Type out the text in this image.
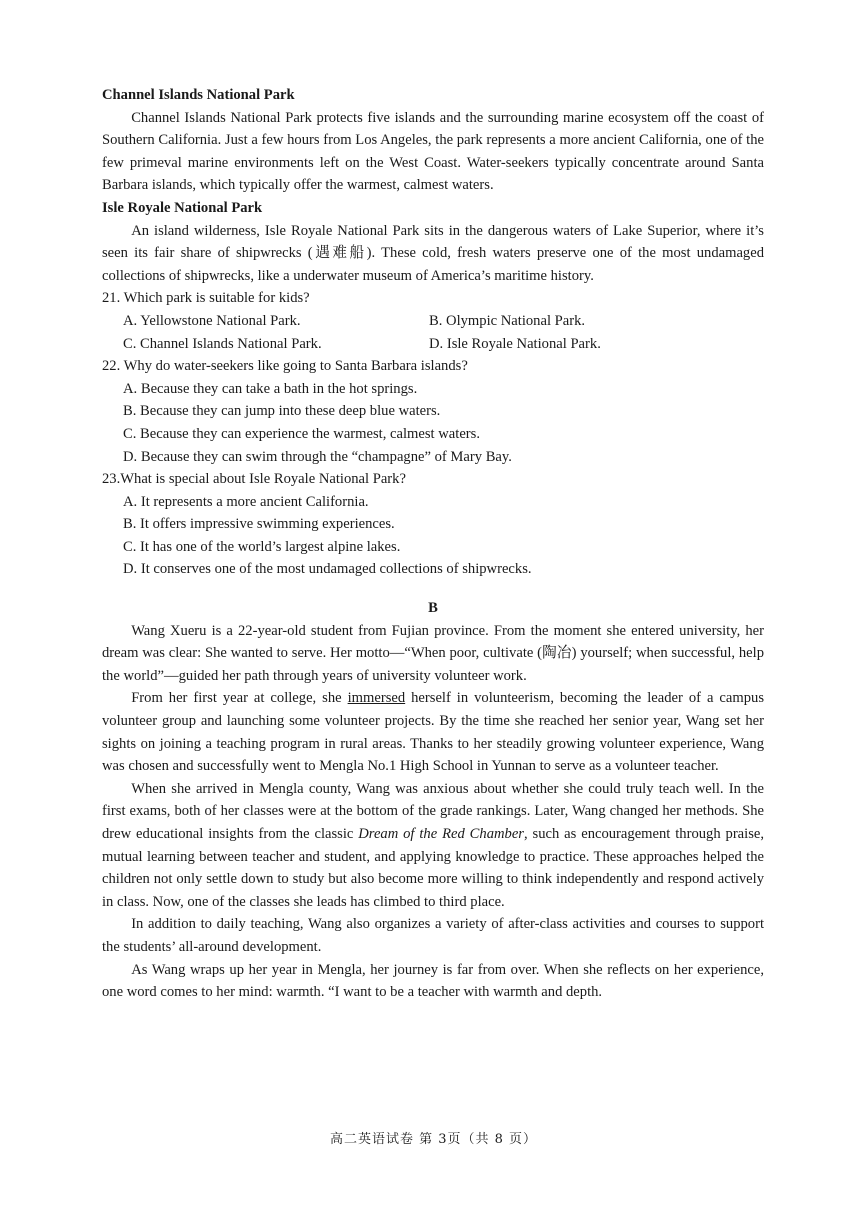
Channel Islands National Park

Channel Islands National Park protects five islands and the surrounding marine ecosystem off the coast of Southern California. Just a few hours from Los Angeles, the park represents a more ancient California, one of the few primeval marine environments left on the West Coast. Water-seekers typically concentrate around Santa Barbara islands, which typically offer the warmest, calmest waters.

Isle Royale National Park

An island wilderness, Isle Royale National Park sits in the dangerous waters of Lake Superior, where it’s seen its fair share of shipwrecks (遇难船). These cold, fresh waters preserve one of the most undamaged collections of shipwrecks, like a underwater museum of America’s maritime history.

21. Which park is suitable for kids?

A. Yellowstone National Park.	B. Olympic National Park.
C. Channel Islands National Park.	D. Isle Royale National Park.

22. Why do water-seekers like going to Santa Barbara islands?

A. Because they can take a bath in the hot springs.

B. Because they can jump into these deep blue waters.

C. Because they can experience the warmest, calmest waters.

D. Because they can swim through the “champagne” of Mary Bay.

23.What is special about Isle Royale National Park?

A. It represents a more ancient California.

B. It offers impressive swimming experiences.

C. It has one of the world’s largest alpine lakes.

D. It conserves one of the most undamaged collections of shipwrecks.

B

Wang Xueru is a 22-year-old student from Fujian province. From the moment she entered university, her dream was clear: She wanted to serve. Her motto—“When poor, cultivate (陶冶) yourself; when successful, help the world”—guided her path through years of university volunteer work.

From her first year at college, she immersed herself in volunteerism, becoming the leader of a campus volunteer group and launching some volunteer projects. By the time she reached her senior year, Wang set her sights on joining a teaching program in rural areas. Thanks to her steadily growing volunteer experience, Wang was chosen and successfully went to Mengla No.1 High School in Yunnan to serve as a volunteer teacher.

When she arrived in Mengla county, Wang was anxious about whether she could truly teach well. In the first exams, both of her classes were at the bottom of the grade rankings. Later, Wang changed her methods. She drew educational insights from the classic Dream of the Red Chamber, such as encouragement through praise, mutual learning between teacher and student, and applying knowledge to practice. These approaches helped the children not only settle down to study but also become more willing to think independently and respond actively in class. Now, one of the classes she leads has climbed to third place.

In addition to daily teaching, Wang also organizes a variety of after-class activities and courses to support the students’ all-around development.

As Wang wraps up her year in Mengla, her journey is far from over. When she reflects on her experience, one word comes to her mind: warmth. “I want to be a teacher with warmth and depth.

高二英语试卷 第 3页（共 8 页）
